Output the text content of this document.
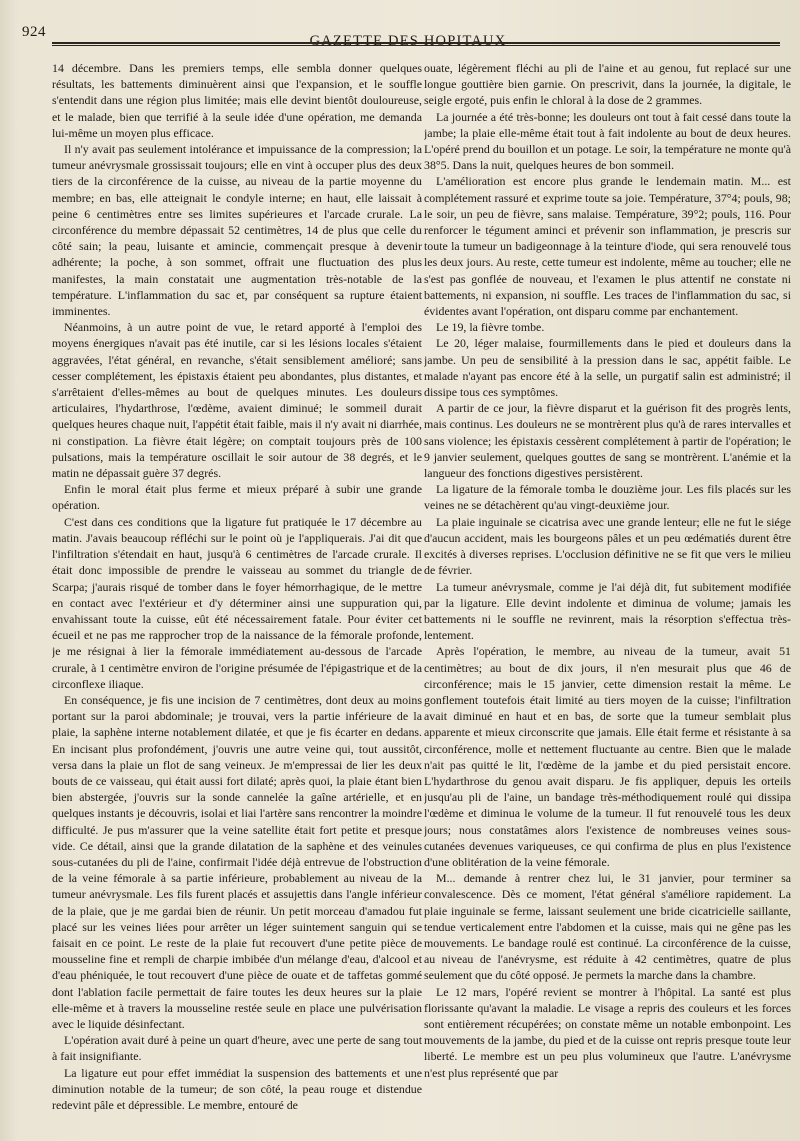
924
GAZETTE DES HOPITAUX

14 décembre. Dans les premiers temps, elle sembla donner quelques résultats, les battements diminuèrent ainsi que l'expansion, et le souffle s'entendit dans une région plus limitée; mais elle devint bientôt douloureuse, et le malade, bien que terrifié à la seule idée d'une opération, me demanda lui-même un moyen plus efficace.

Il n'y avait pas seulement intolérance et impuissance de la compression; la tumeur anévrysmale grossissait toujours; elle en vint à occuper plus des deux tiers de la circonférence de la cuisse, au niveau de la partie moyenne du membre; en bas, elle atteignait le condyle interne; en haut, elle laissait à peine 6 centimètres entre ses limites supérieures et l'arcade crurale. La circonférence du membre dépassait 52 centimètres, 14 de plus que celle du côté sain; la peau, luisante et amincie, commençait presque à devenir adhérente; la poche, à son sommet, offrait une fluctuation des plus manifestes, la main constatait une augmentation très-notable de la température. L'inflammation du sac et, par conséquent sa rupture étaient imminentes.

Néanmoins, à un autre point de vue, le retard apporté à l'emploi des moyens énergiques n'avait pas été inutile, car si les lésions locales s'étaient aggravées, l'état général, en revanche, s'était sensiblement amélioré; sans cesser complétement, les épistaxis étaient peu abondantes, plus distantes, et s'arrêtaient d'elles-mêmes au bout de quelques minutes. Les douleurs articulaires, l'hydarthrose, l'œdème, avaient diminué; le sommeil durait quelques heures chaque nuit, l'appétit était faible, mais il n'y avait ni diarrhée, ni constipation. La fièvre était légère; on comptait toujours près de 100 pulsations, mais la température oscillait le soir autour de 38 degrés, et le matin ne dépassait guère 37 degrés.

Enfin le moral était plus ferme et mieux préparé à subir une grande opération.

C'est dans ces conditions que la ligature fut pratiquée le 17 décembre au matin. J'avais beaucoup réfléchi sur le point où je l'appliquerais. J'ai dit que l'infiltration s'étendait en haut, jusqu'à 6 centimètres de l'arcade crurale. Il était donc impossible de prendre le vaisseau au sommet du triangle de Scarpa; j'aurais risqué de tomber dans le foyer hémorrhagique, de le mettre en contact avec l'extérieur et d'y déterminer ainsi une suppuration qui, envahissant toute la cuisse, eût été nécessairement fatale. Pour éviter cet écueil et ne pas me rapprocher trop de la naissance de la fémorale profonde, je me résignai à lier la fémorale immédiatement au-dessous de l'arcade crurale, à 1 centimètre environ de l'origine présumée de l'épigastrique et de la circonflexe iliaque.

En conséquence, je fis une incision de 7 centimètres, dont deux au moins portant sur la paroi abdominale; je trouvai, vers la partie inférieure de la plaie, la saphène interne notablement dilatée, et que je fis écarter en dedans. En incisant plus profondément, j'ouvris une autre veine qui, tout aussitôt, versa dans la plaie un flot de sang veineux. Je m'empressai de lier les deux bouts de ce vaisseau, qui était aussi fort dilaté; après quoi, la plaie étant bien bien abstergée, j'ouvris sur la sonde cannelée la gaîne artérielle, et en quelques instants je découvris, isolai et liai l'artère sans rencontrer la moindre difficulté. Je pus m'assurer que la veine satellite était fort petite et presque vide. Ce détail, ainsi que la grande dilatation de la saphène et des veinules sous-cutanées du pli de l'aine, confirmait l'idée déjà entrevue de l'obstruction de la veine fémorale à sa partie inférieure, probablement au niveau de la tumeur anévrysmale. Les fils furent placés et assujettis dans l'angle inférieur de la plaie, que je me gardai bien de réunir. Un petit morceau d'amadou fut placé sur les veines liées pour arrêter un léger suintement sanguin qui se faisait en ce point. Le reste de la plaie fut recouvert d'une petite pièce de mousseline fine et rempli de charpie imbibée d'un mélange d'eau, d'alcool et d'eau phéniquée, le tout recouvert d'une pièce de ouate et de taffetas gommé dont l'ablation facile permettait de faire toutes les deux heures sur la plaie elle-même et à travers la mousseline restée seule en place une pulvérisation avec le liquide désinfectant.

L'opération avait duré à peine un quart d'heure, avec une perte de sang tout à fait insignifiante.

La ligature eut pour effet immédiat la suspension des battements et une diminution notable de la tumeur; de son côté, la peau rouge et distendue redevint pâle et dépressible. Le membre, entouré de

ouate, légèrement fléchi au pli de l'aine et au genou, fut replacé sur une longue gouttière bien garnie. On prescrivit, dans la journée, la digitale, le seigle ergoté, puis enfin le chloral à la dose de 2 grammes.

La journée a été très-bonne; les douleurs ont tout à fait cessé dans toute la jambe; la plaie elle-même était tout à fait indolente au bout de deux heures. L'opéré prend du bouillon et un potage. Le soir, la température ne monte qu'à 38°5. Dans la nuit, quelques heures de bon sommeil.

L'amélioration est encore plus grande le lendemain matin. M... est complétement rassuré et exprime toute sa joie. Température, 37°4; pouls, 98; le soir, un peu de fièvre, sans malaise. Température, 39°2; pouls, 116. Pour renforcer le tégument aminci et prévenir son inflammation, je prescris sur toute la tumeur un badigeonnage à la teinture d'iode, qui sera renouvelé tous les deux jours. Au reste, cette tumeur est indolente, même au toucher; elle ne s'est pas gonflée de nouveau, et l'examen le plus attentif ne constate ni battements, ni expansion, ni souffle. Les traces de l'inflammation du sac, si évidentes avant l'opération, ont disparu comme par enchantement.

Le 19, la fièvre tombe.

Le 20, léger malaise, fourmillements dans le pied et douleurs dans la jambe. Un peu de sensibilité à la pression dans le sac, appétit faible. Le malade n'ayant pas encore été à la selle, un purgatif salin est administré; il dissipe tous ces symptômes.

A partir de ce jour, la fièvre disparut et la guérison fit des progrès lents, mais continus. Les douleurs ne se montrèrent plus qu'à de rares intervalles et sans violence; les épistaxis cessèrent complétement à partir de l'opération; le 9 janvier seulement, quelques gouttes de sang se montrèrent. L'anémie et la langueur des fonctions digestives persistèrent.

La ligature de la fémorale tomba le douzième jour. Les fils placés sur les veines ne se détachèrent qu'au vingt-deuxième jour.

La plaie inguinale se cicatrisa avec une grande lenteur; elle ne fut le siége d'aucun accident, mais les bourgeons pâles et un peu œdématiés durent être excités à diverses reprises. L'occlusion définitive ne se fit que vers le milieu de février.

La tumeur anévrysmale, comme je l'ai déjà dit, fut subitement modifiée par la ligature. Elle devint indolente et diminua de volume; jamais les battements ni le souffle ne revinrent, mais la résorption s'effectua très-lentement.

Après l'opération, le membre, au niveau de la tumeur, avait 51 centimètres; au bout de dix jours, il n'en mesurait plus que 46 de circonférence; mais le 15 janvier, cette dimension restait la même. Le gonflement toutefois était limité au tiers moyen de la cuisse; l'infiltration avait diminué en haut et en bas, de sorte que la tumeur semblait plus apparente et mieux circonscrite que jamais. Elle était ferme et résistante à sa circonférence, molle et nettement fluctuante au centre. Bien que le malade n'ait pas quitté le lit, l'œdème de la jambe et du pied persistait encore. L'hydarthrose du genou avait disparu. Je fis appliquer, depuis les orteils jusqu'au pli de l'aine, un bandage très-méthodiquement roulé qui dissipa l'œdème et diminua le volume de la tumeur. Il fut renouvelé tous les deux jours; nous constatâmes alors l'existence de nombreuses veines sous-cutanées devenues variqueuses, ce qui confirma de plus en plus l'existence d'une oblitération de la veine fémorale.

M... demande à rentrer chez lui, le 31 janvier, pour terminer sa convalescence. Dès ce moment, l'état général s'améliore rapidement. La plaie inguinale se ferme, laissant seulement une bride cicatricielle saillante, tendue verticalement entre l'abdomen et la cuisse, mais qui ne gêne pas les mouvements. Le bandage roulé est continué. La circonférence de la cuisse, au niveau de l'anévrysme, est réduite à 42 centimètres, quatre de plus seulement que du côté opposé. Je permets la marche dans la chambre.

Le 12 mars, l'opéré revient se montrer à l'hôpital. La santé est plus florissante qu'avant la maladie. Le visage a repris des couleurs et les forces sont entièrement récupérées; on constate même un notable embonpoint. Les mouvements de la jambe, du pied et de la cuisse ont repris presque toute leur liberté. Le membre est un peu plus volumineux que l'autre. L'anévrysme n'est plus représenté que par
